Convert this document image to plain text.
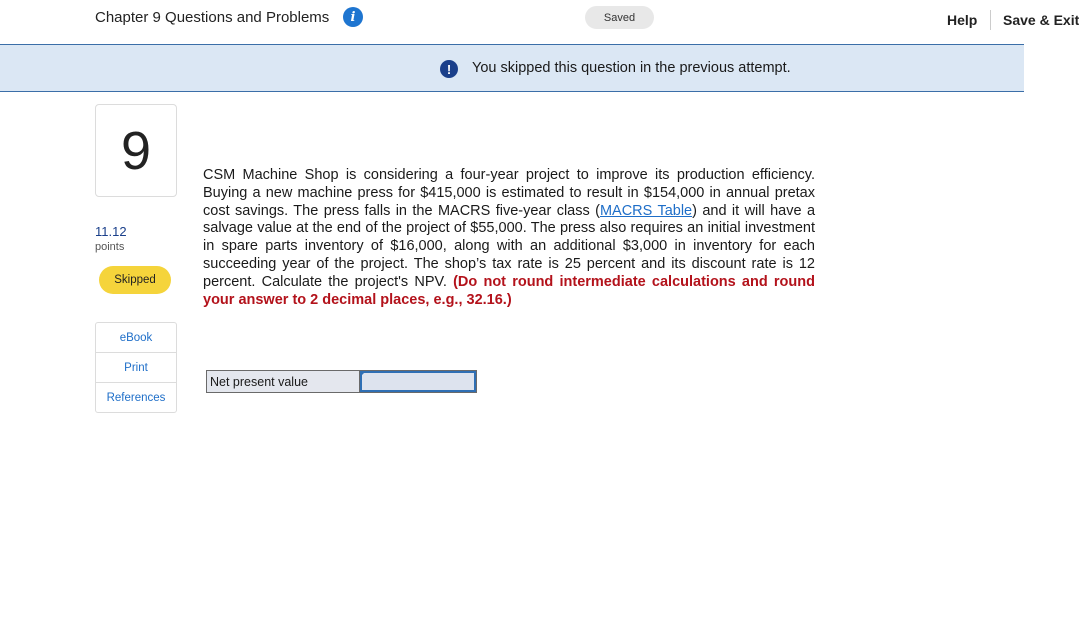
Chapter 9 Questions and Problems	i	Saved	Help Save & Exit
!	You skipped this question in the previous attempt.
9
11.12
points
Skipped
eBook
Print
References
CSM Machine Shop is considering a four-year project to improve its production efficiency. Buying a new machine press for $415,000 is estimated to result in $154,000 in annual pretax cost savings. The press falls in the MACRS five-year class (MACRS Table) and it will have a salvage value at the end of the project of $55,000. The press also requires an initial investment in spare parts inventory of $16,000, along with an additional $3,000 in inventory for each succeeding year of the project. The shop’s tax rate is 25 percent and its discount rate is 12 percent. Calculate the project's NPV. (Do not round intermediate calculations and round your answer to 2 decimal places, e.g., 32.16.)
Net present value
